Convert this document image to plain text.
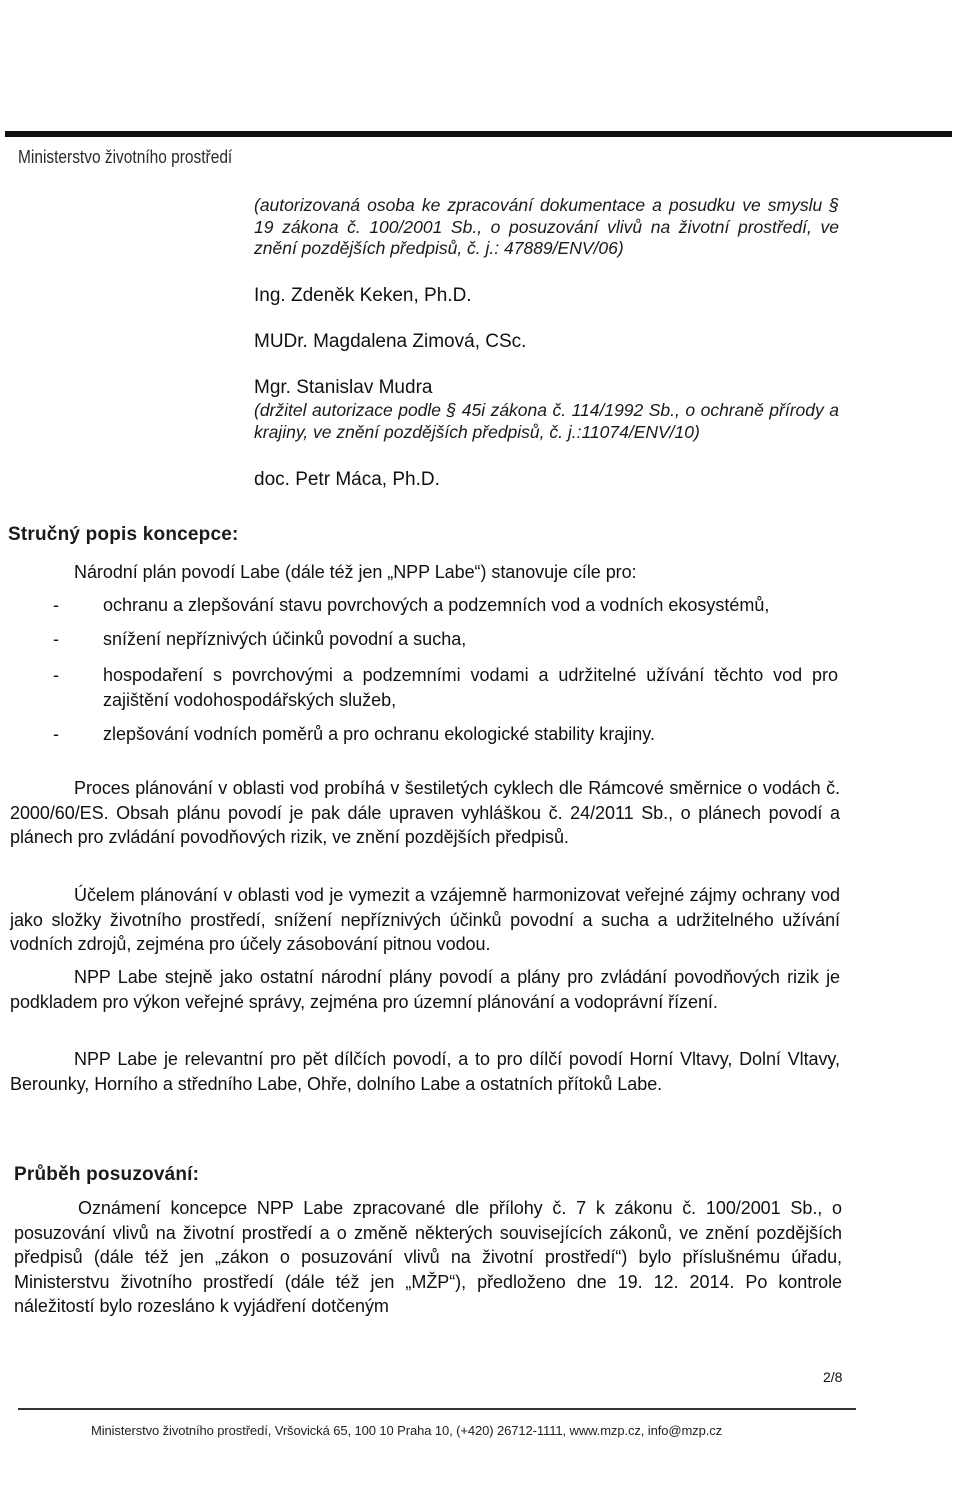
Ministerstvo životního prostředí
(autorizovaná osoba ke zpracování dokumentace a posudku ve smyslu § 19 zákona č. 100/2001 Sb., o posuzování vlivů na životní prostředí, ve znění pozdějších předpisů, č. j.: 47889/ENV/06)
Ing. Zdeněk Keken, Ph.D.
MUDr. Magdalena Zimová, CSc.
Mgr. Stanislav Mudra
(držitel autorizace podle § 45i zákona č. 114/1992 Sb., o ochraně přírody a krajiny, ve znění pozdějších předpisů, č. j.:11074/ENV/10)
doc. Petr Máca, Ph.D.
Stručný popis koncepce:
Národní plán povodí Labe (dále též jen „NPP Labe“) stanovuje cíle pro:
- ochranu a zlepšování stavu povrchových a podzemních vod a vodních ekosystémů,
- snížení nepříznivých účinků povodní a sucha,
- hospodaření s povrchovými a podzemními vodami a udržitelné užívání těchto vod pro zajištění vodohospodářských služeb,
- zlepšování vodních poměrů a pro ochranu ekologické stability krajiny.
Proces plánování v oblasti vod probíhá v šestiletých cyklech dle Rámcové směrnice o vodách č. 2000/60/ES. Obsah plánu povodí je pak dále upraven vyhláškou č. 24/2011 Sb., o plánech povodí a plánech pro zvládání povodňových rizik, ve znění pozdějších předpisů.
Účelem plánování v oblasti vod je vymezit a vzájemně harmonizovat veřejné zájmy ochrany vod jako složky životního prostředí, snížení nepříznivých účinků povodní a sucha a udržitelného užívání vodních zdrojů, zejména pro účely zásobování pitnou vodou.
NPP Labe stejně jako ostatní národní plány povodí a plány pro zvládání povodňových rizik je podkladem pro výkon veřejné správy, zejména pro územní plánování a vodoprávní řízení.
NPP Labe je relevantní pro pět dílčích povodí, a to pro dílčí povodí Horní Vltavy, Dolní Vltavy, Berounky, Horního a středního Labe, Ohře, dolního Labe a ostatních přítoků Labe.
Průběh posuzování:
Oznámení koncepce NPP Labe zpracované dle přílohy č. 7 k zákonu č. 100/2001 Sb., o posuzování vlivů na životní prostředí a o změně některých souvisejících zákonů, ve znění pozdějších předpisů (dále též jen „zákon o posuzování vlivů na životní prostředí“) bylo příslušnému úřadu, Ministerstvu životního prostředí (dále též jen „MŽP“), předloženo dne 19. 12. 2014. Po kontrole náležitostí bylo rozesláno k vyjádření dotčeným
2/8
Ministerstvo životního prostředí, Vršovická 65, 100 10 Praha 10, (+420) 26712-1111, www.mzp.cz, info@mzp.cz
